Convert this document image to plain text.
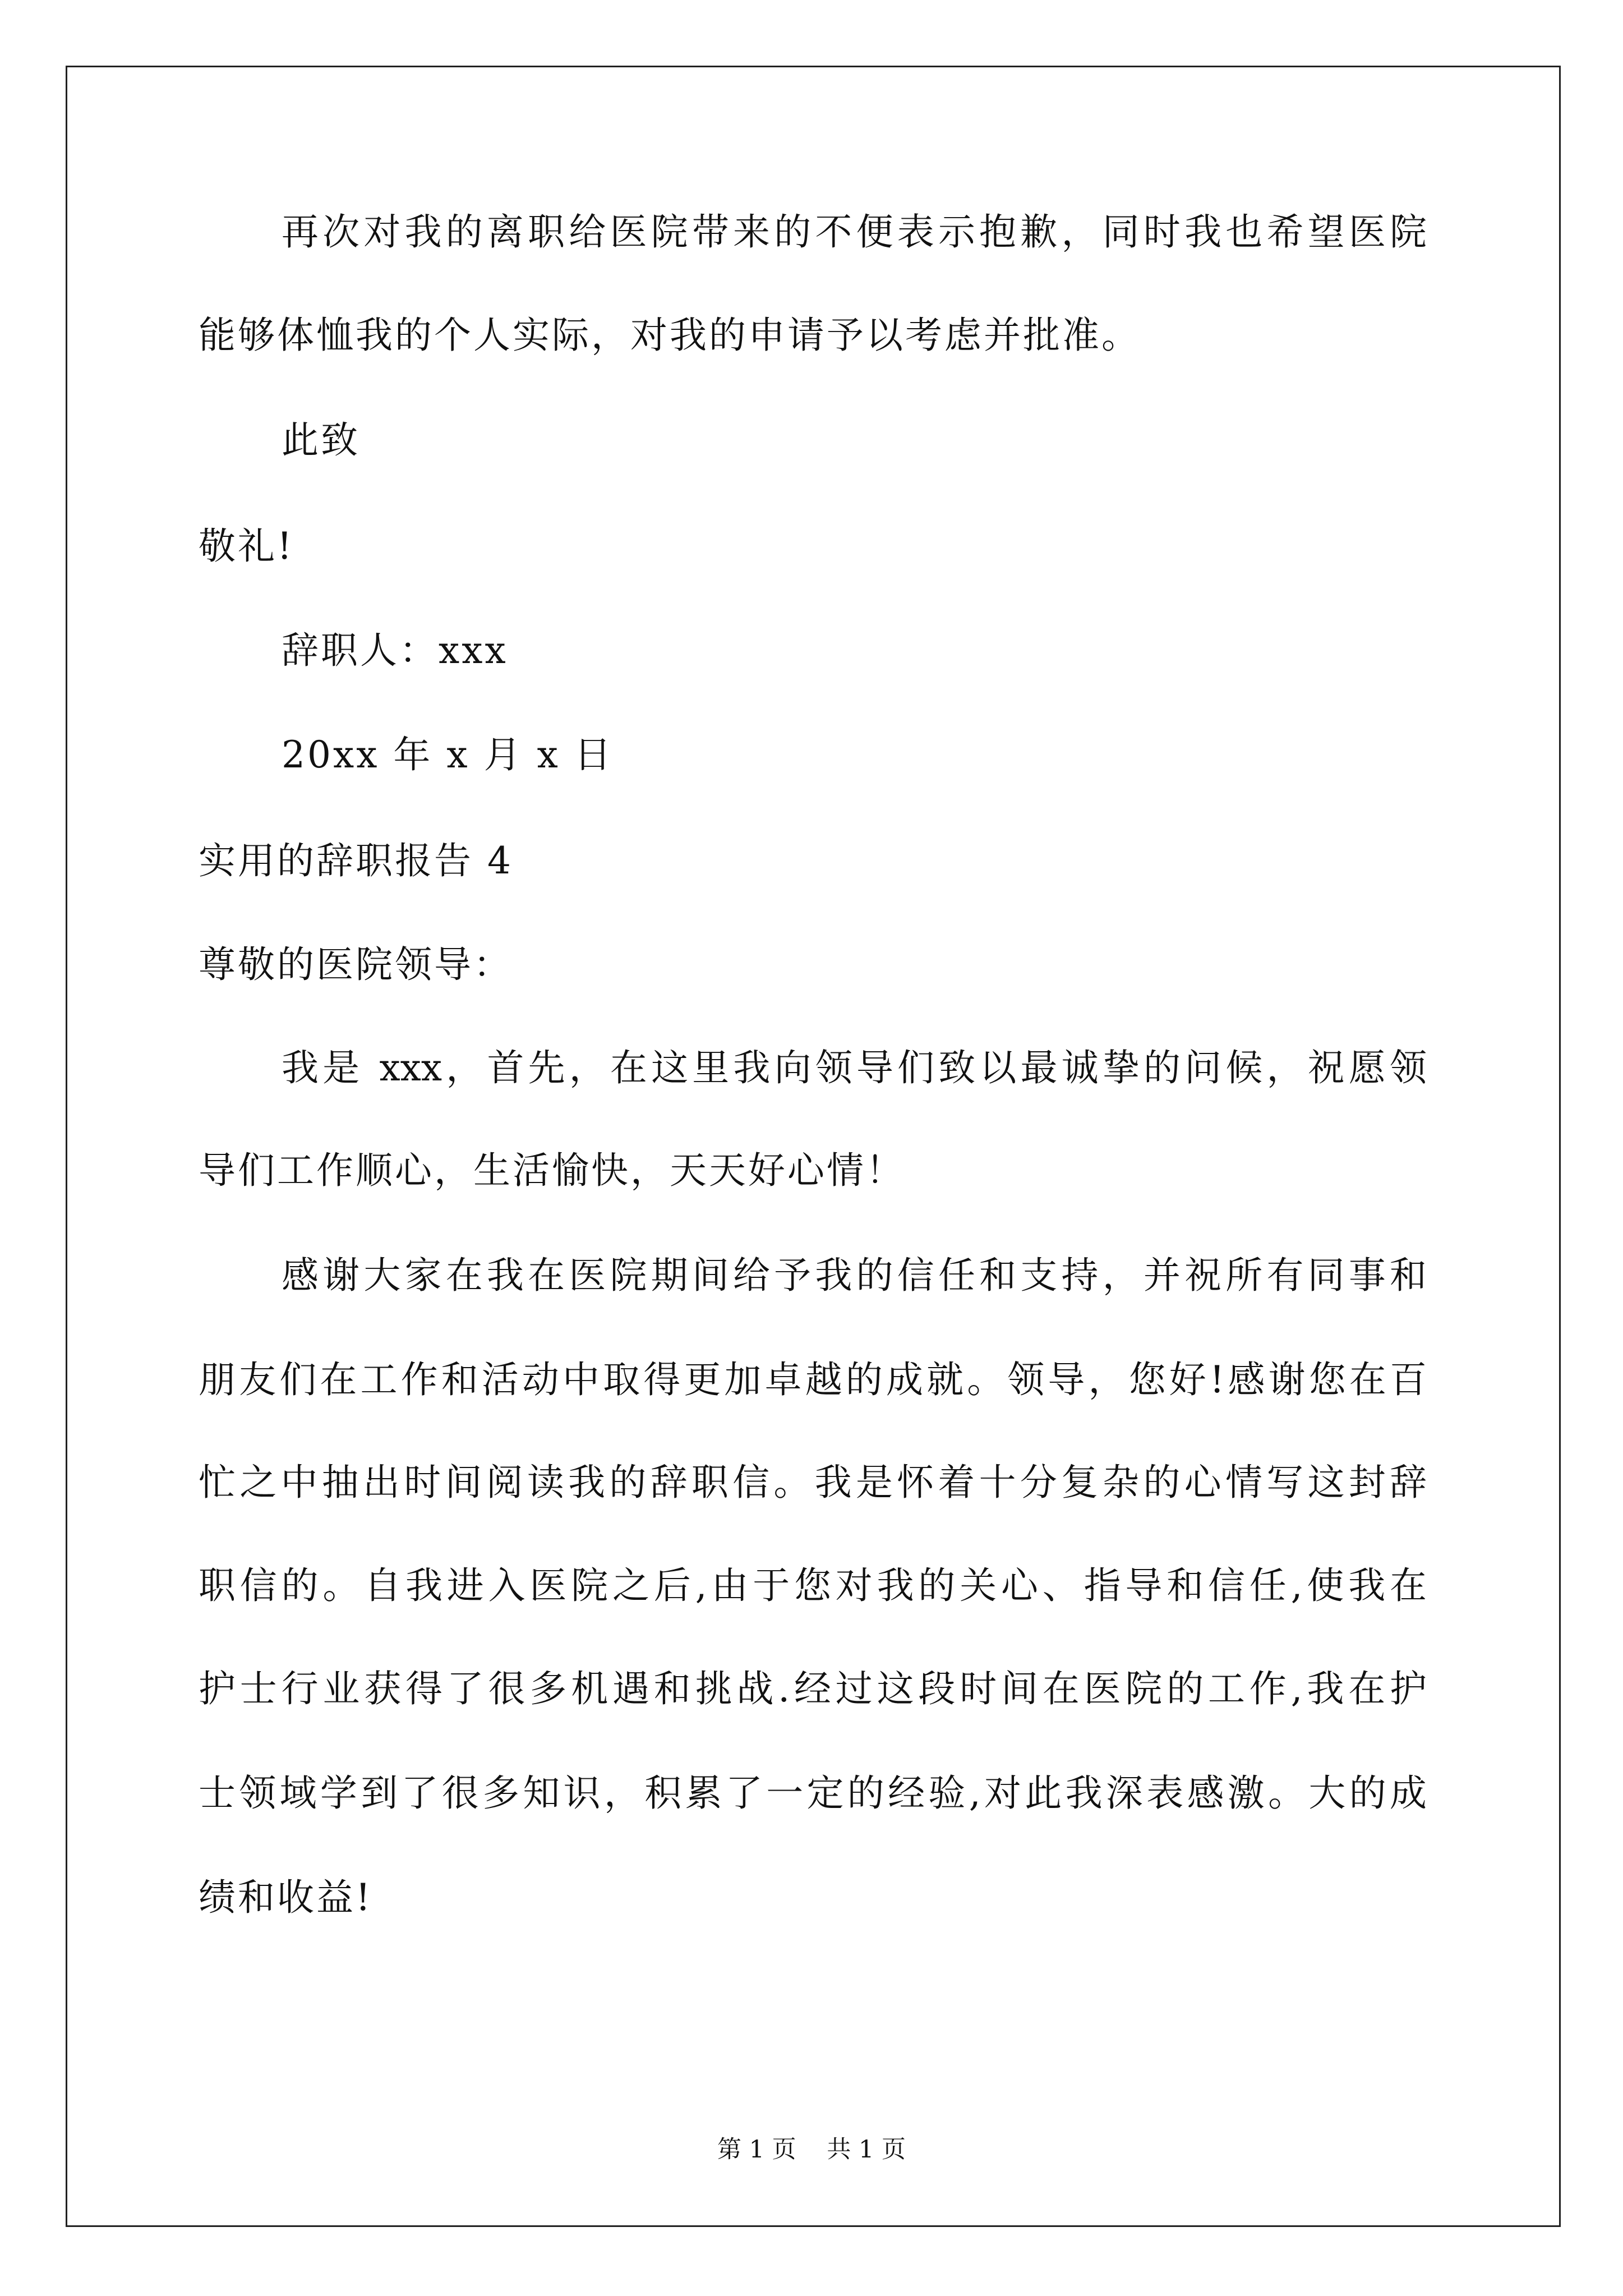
再次对我的离职给医院带来的不便表示抱歉，同时我也希望医院
能够体恤我的个人实际，对我的申请予以考虑并批准。
此致
敬礼!
辞职人：xxx
20xx 年 x 月 x 日
实用的辞职报告 4
尊敬的医院领导：
我是 xxx，首先，在这里我向领导们致以最诚挚的问候，祝愿领
导们工作顺心，生活愉快，天天好心情！
感谢大家在我在医院期间给予我的信任和支持，并祝所有同事和
朋友们在工作和活动中取得更加卓越的成就。领导，您好!感谢您在百
忙之中抽出时间阅读我的辞职信。我是怀着十分复杂的心情写这封辞
职信的。自我进入医院之后,由于您对我的关心、指导和信任,使我在
护士行业获得了很多机遇和挑战.经过这段时间在医院的工作,我在护
士领域学到了很多知识，积累了一定的经验,对此我深表感激。大的成
绩和收益!
第 1 页    共 1 页
